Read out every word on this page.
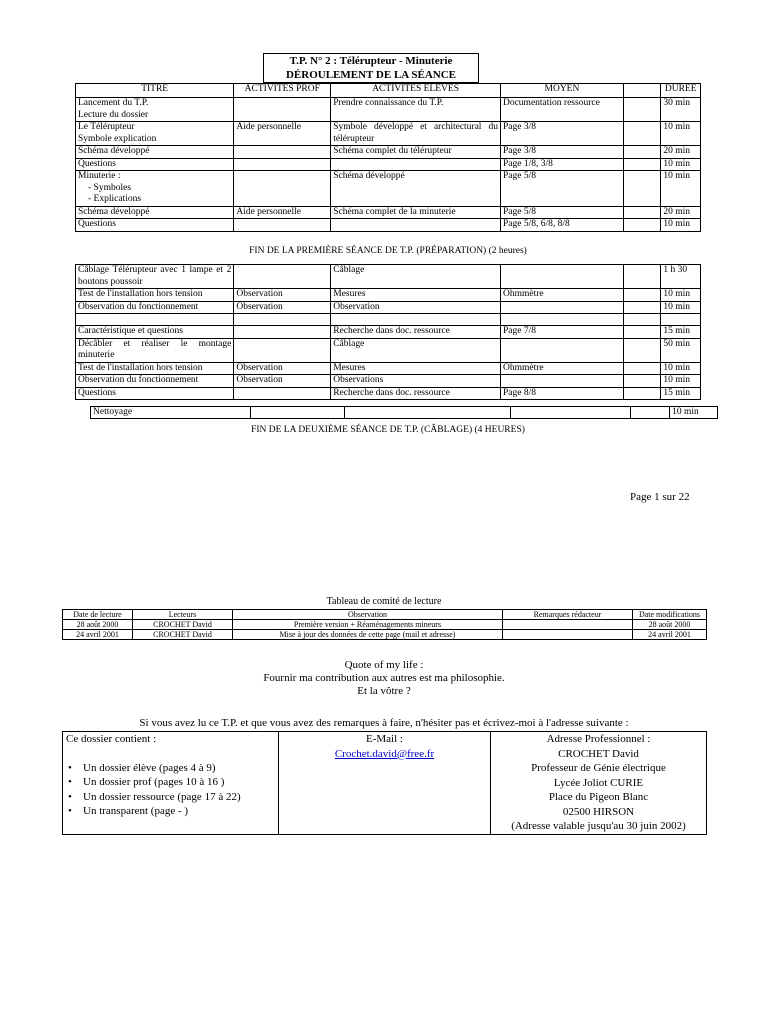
T.P. N° 2 : Télérupteur - Minuterie
DÉROULEMENT DE LA SÉANCE
TITRE	ACTIVITES PROF	ACTIVITES ELEVES	MOYEN		DUREE

Lancement du T.P.
Lecture du dossier		Prendre connaissance du T.P.	Documentation ressource		30 min

Le Télérupteur
Symbole explication	Aide personnelle	Symbole développé et architectural du télérupteur	Page 3/8		10 min

Schéma développé		Schéma complet du télérupteur	Page 3/8		20 min

Questions			Page 1/8, 3/8		10 min

Minuterie :
- Symboles
- Explications		Schéma développé	Page 5/8		10 min

Schéma développé	Aide personnelle	Schéma complet de la minuterie	Page 5/8		20 min

Questions			Page 5/8, 6/8, 8/8		10 min
FIN DE LA PREMIÈRE SÉANCE DE T.P. (PRÉPARATION) (2 heures)
Câblage Télérupteur avec 1 lampe et 2 boutons poussoir		Câblage			1 h 30

Test de l'installation hors tension	Observation	Mesures	Ohmmètre		10 min

Observation du fonctionnement	Observation	Observation			10 min

Caractéristique et questions		Recherche dans doc. ressource	Page 7/8		15 min

Décâbler et réaliser le montage minuterie		Câblage			50 min

Test de l'installation hors tension	Observation	Mesures	Ohmmètre		10 min

Observation du fonctionnement	Observation	Observations			10 min

Questions		Recherche dans doc. ressource	Page 8/8		15 min
Nettoyage					10 min
FIN DE LA DEUXIÈME SÉANCE DE T.P. (CÂBLAGE) (4 HEURES)
Page 1 sur 22
Tableau de comité de lecture
Date de lecture	Lecteurs	Observation	Remarques rédacteur	Date modifications
28 août 2000	CROCHET David	Première version + Réaménagements mineurs		28 août 2000
24 avril 2001	CROCHET David	Mise à jour des données de cette page (mail et adresse)		24 avril 2001
Quote of my life :
Fournir ma contribution aux autres est ma philosophie.
Et la vôtre ?
Si vous avez lu ce T.P. et que vous avez des remarques à faire, n'hésiter pas et écrivez-moi à l'adresse suivante :
Ce dossier contient :
• Un dossier élève (pages 4 à 9)
• Un dossier prof (pages 10 à 16 )
• Un dossier ressource (page 17 à 22)
• Un transparent (page - )

E-Mail :
Crochet.david@free.fr	
Adresse Professionnel :
CROCHET David
Professeur de Génie électrique
Lycée Joliot CURIE
Place du Pigeon Blanc
02500 HIRSON
(Adresse valable jusqu'au 30 juin 2002)
